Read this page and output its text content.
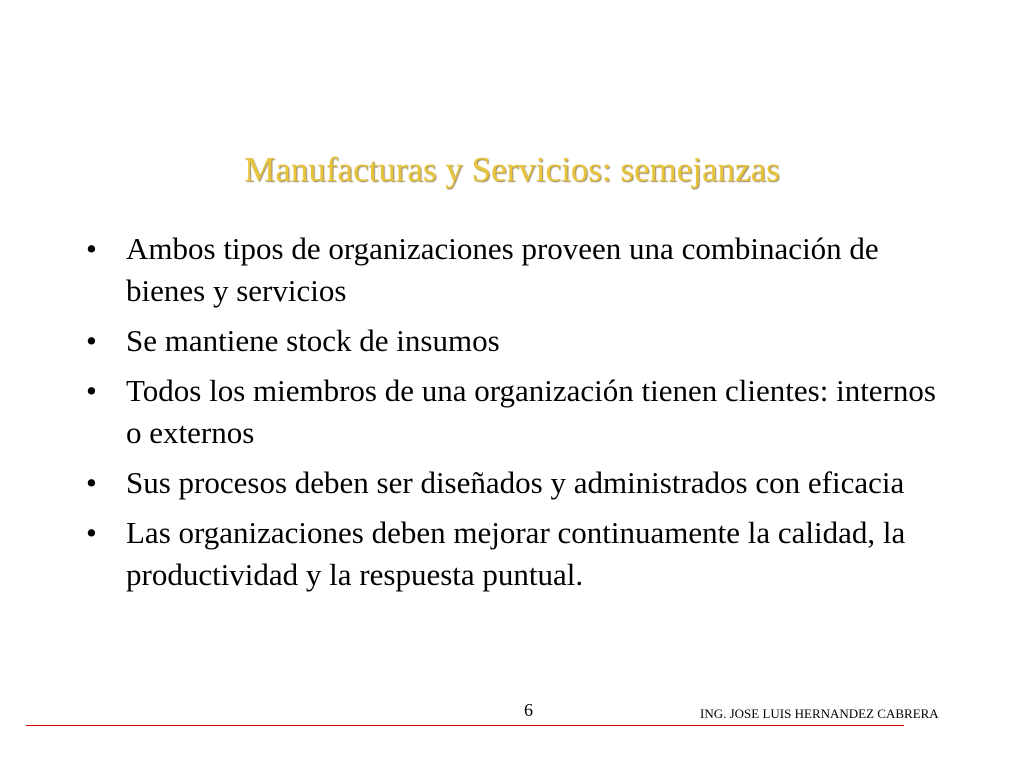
Manufacturas y Servicios: semejanzas
• Ambos tipos de organizaciones proveen una combinación de bienes y servicios
• Se mantiene stock de insumos
• Todos los miembros de una organización tienen clientes: internos o externos
• Sus procesos deben ser diseñados y administrados con eficacia
• Las organizaciones deben mejorar continuamente la calidad, la productividad y la respuesta puntual.
6	ING. JOSE LUIS HERNANDEZ CABRERA
